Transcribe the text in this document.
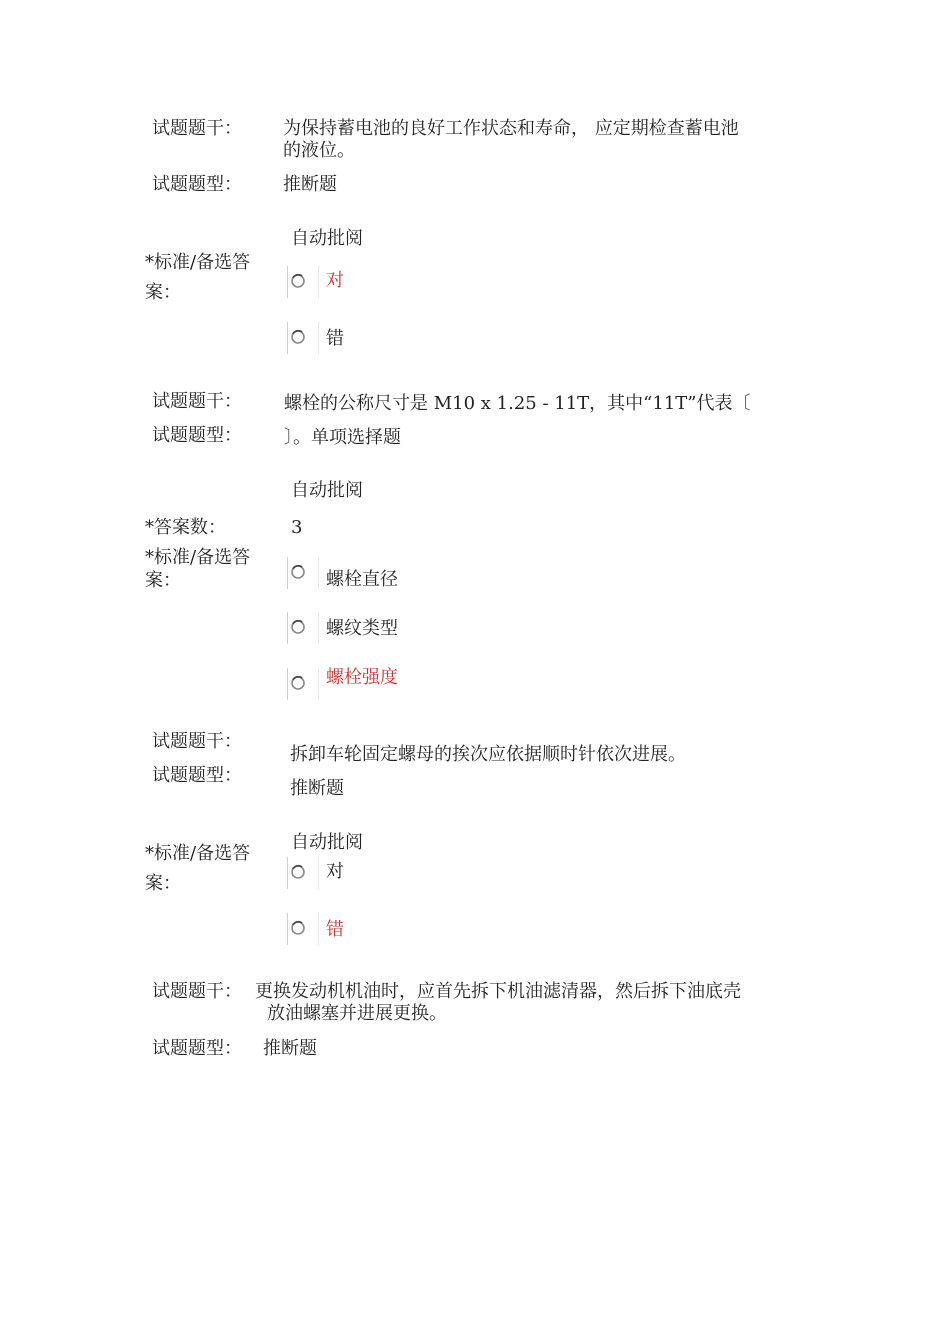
试题题干： 为保持蓄电池的良好工作状态和寿命， 应定期检查蓄电池
的液位。
试题题型： 推断题
自动批阅
*标准/备选答
案：
对
错
试题题干： 螺栓的公称尺寸是 M10 x 1.25 - 11T，其中“11T”代表〔
试题题型： 〕。单项选择题
自动批阅
*答案数：	3
*标准/备选答
案：	螺栓直径
螺纹类型
螺栓强度
试题题干：
拆卸车轮固定螺母的挨次应依据顺时针依次进展。
试题题型：
推断题
自动批阅
*标准/备选答
案：
对
错
试题题干： 更换发动机机油时，应首先拆下机油滤清器，然后拆下油底壳
放油螺塞并进展更换。
试题题型： 推断题
